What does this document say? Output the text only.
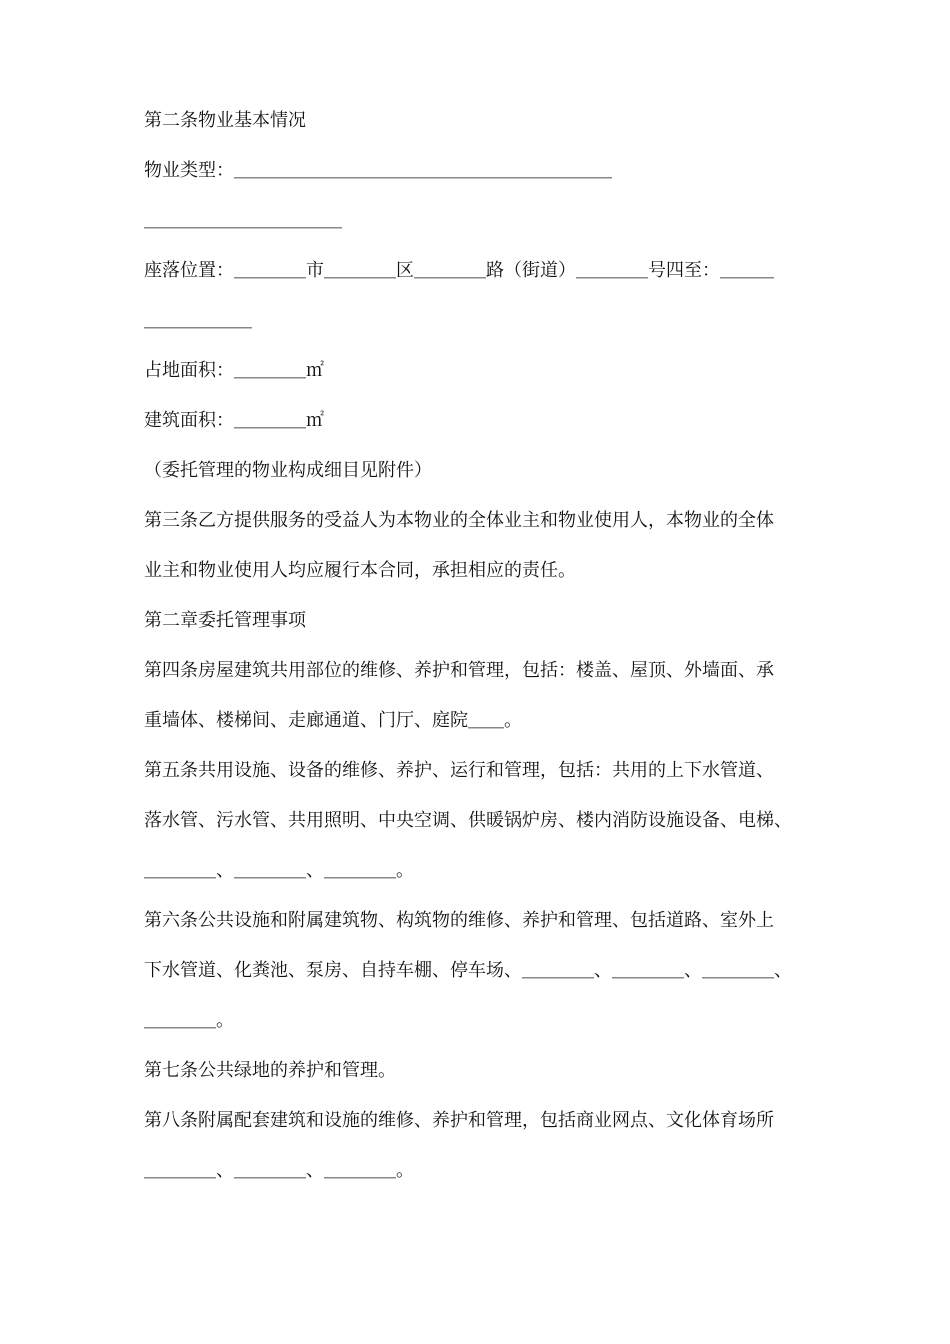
第二条物业基本情况
物业类型：＿＿＿＿＿＿＿＿＿＿＿＿＿＿＿＿＿＿＿＿＿
＿＿＿＿＿＿＿＿＿＿＿
座落位置：＿＿＿＿市＿＿＿＿区＿＿＿＿路（街道）＿＿＿＿号四至：＿＿＿
＿＿＿＿＿＿
占地面积：＿＿＿＿㎡
建筑面积：＿＿＿＿㎡
（委托管理的物业构成细目见附件）
第三条乙方提供服务的受益人为本物业的全体业主和物业使用人，本物业的全体
业主和物业使用人均应履行本合同，承担相应的责任。
第二章委托管理事项
第四条房屋建筑共用部位的维修、养护和管理，包括：楼盖、屋顶、外墙面、承
重墙体、楼梯间、走廊通道、门厅、庭院＿＿。
第五条共用设施、设备的维修、养护、运行和管理，包括：共用的上下水管道、
落水管、污水管、共用照明、中央空调、供暖锅炉房、楼内消防设施设备、电梯、
＿＿＿＿、＿＿＿＿、＿＿＿＿。
第六条公共设施和附属建筑物、构筑物的维修、养护和管理、包括道路、室外上
下水管道、化粪池、泵房、自持车棚、停车场、＿＿＿＿、＿＿＿＿、＿＿＿＿、
＿＿＿＿。
第七条公共绿地的养护和管理。
第八条附属配套建筑和设施的维修、养护和管理，包括商业网点、文化体育场所
＿＿＿＿、＿＿＿＿、＿＿＿＿。
